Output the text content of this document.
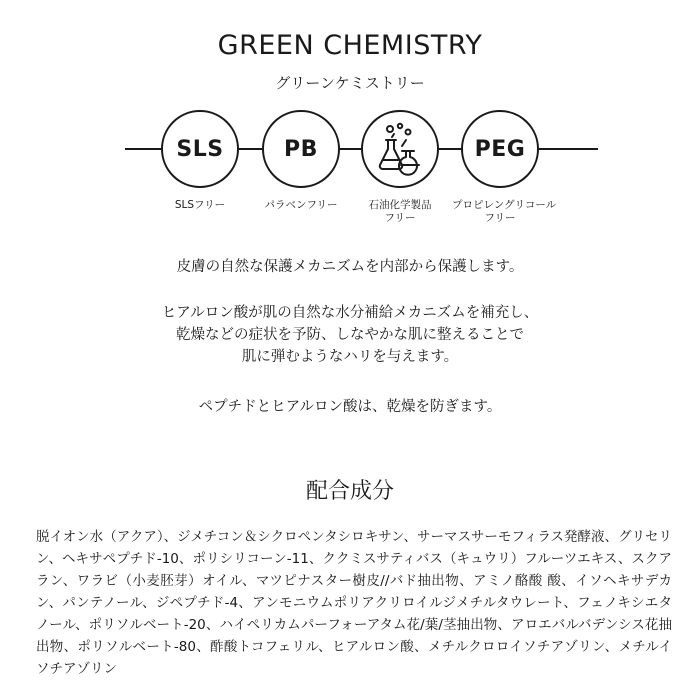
GREEN CHEMISTRY
グリーンケミストリー
SLS
SLSフリー
PB
パラベンフリー	石油化学製品
フリー
PEG
プロピレングリコール
フリー
皮膚の自然な保護メカニズムを内部から保護します。
ヒアルロン酸が肌の自然な水分補給メカニズムを補充し、
乾燥などの症状を予防、しなやかな肌に整えることで
肌に弾むようなハリを与えます。
ペプチドとヒアルロン酸は、乾燥を防ぎます。
配合成分
脱イオン水（アクア）、ジメチコン＆シクロペンタシロキサン、サーマスサーモフィラス発酵液、グリセリン、ヘキサペプチド-10、ポリシリコーン-11、ククミスサティバス（キュウリ）フルーツエキス、スクアラン、ワラビ（小麦胚芽）オイル、マツピナスター樹皮//バド抽出物、アミノ酪酸 酸、イソヘキサデカン、パンテノール、ジペプチド-4、アンモニウムポリアクリロイルジメチルタウレート、フェノキシエタノール、ポリソルベート-20、ハイペリカムパーフォーアタム花/葉/茎抽出物、アロエバルバデンシス花抽出物、ポリソルベート-80、酢酸トコフェリル、ヒアルロン酸、メチルクロロイソチアゾリン、メチルイソチアゾリン
